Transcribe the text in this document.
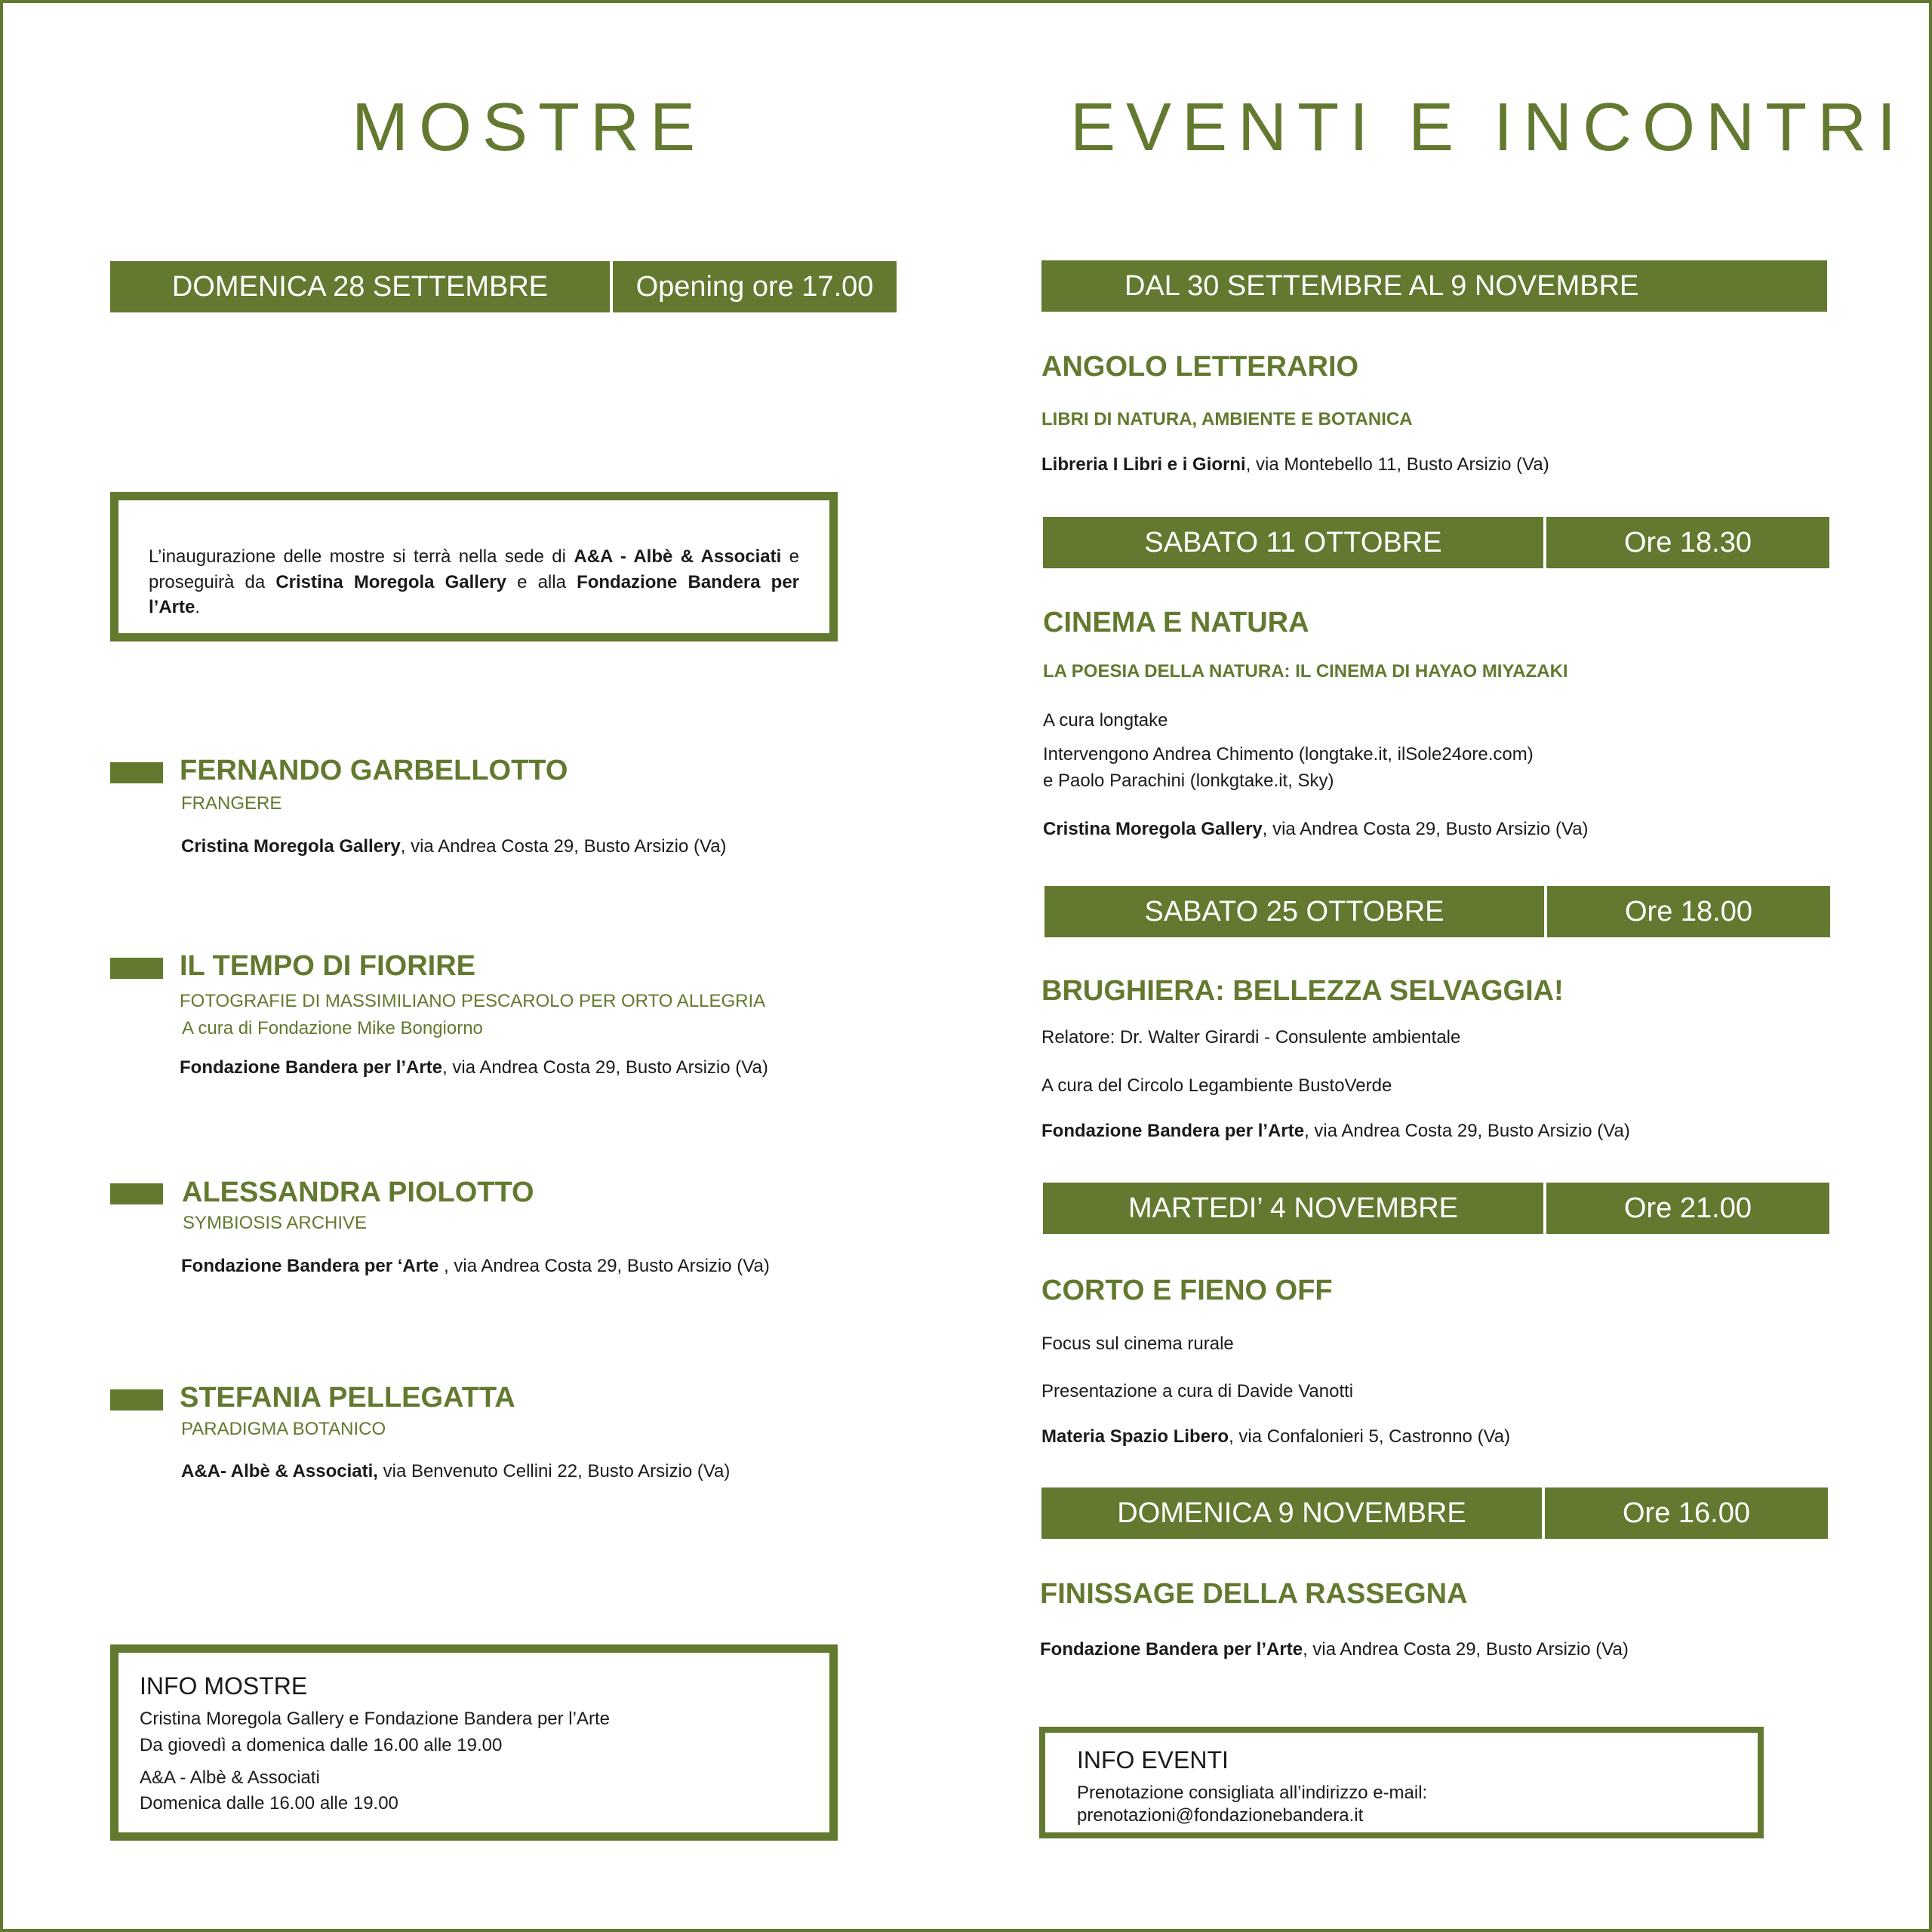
MOSTRE
DOMENICA 28 SETTEMBRE	Opening ore 17.00
L’inaugurazione delle mostre si terrà nella sede di A&A - Albè & Associati e proseguirà da Cristina Moregola Gallery e alla Fondazione Bandera per l’Arte.
FERNANDO GARBELLOTTO
FRANGERE
Cristina Moregola Gallery, via Andrea Costa 29, Busto Arsizio (Va)
IL TEMPO DI FIORIRE
FOTOGRAFIE DI MASSIMILIANO PESCAROLO PER ORTO ALLEGRIA
A cura di Fondazione Mike Bongiorno
Fondazione Bandera per l’Arte, via Andrea Costa 29, Busto Arsizio (Va)
ALESSANDRA PIOLOTTO
SYMBIOSIS ARCHIVE
Fondazione Bandera per ‘Arte , via Andrea Costa 29, Busto Arsizio (Va)
STEFANIA PELLEGATTA
PARADIGMA BOTANICO
A&A- Albè & Associati, via Benvenuto Cellini 22, Busto Arsizio (Va)
INFO MOSTRE
Cristina Moregola Gallery e Fondazione Bandera per l’Arte
Da giovedì a domenica dalle 16.00 alle 19.00
A&A - Albè & Associati
Domenica dalle 16.00 alle 19.00
EVENTI E INCONTRI
DAL 30 SETTEMBRE AL 9 NOVEMBRE
ANGOLO LETTERARIO
LIBRI DI NATURA, AMBIENTE E BOTANICA
Libreria I Libri e i Giorni, via Montebello 11, Busto Arsizio (Va)
SABATO 11 OTTOBRE	Ore 18.30
CINEMA E NATURA
LA POESIA DELLA NATURA: IL CINEMA DI HAYAO MIYAZAKI
A cura longtake
Intervengono Andrea Chimento (longtake.it, ilSole24ore.com)
e Paolo Parachini (lonkgtake.it, Sky)
Cristina Moregola Gallery, via Andrea Costa 29, Busto Arsizio (Va)
SABATO 25 OTTOBRE	Ore 18.00
BRUGHIERA: BELLEZZA SELVAGGIA!
Relatore: Dr. Walter Girardi - Consulente ambientale
A cura del Circolo Legambiente BustoVerde
Fondazione Bandera per l’Arte, via Andrea Costa 29, Busto Arsizio (Va)
MARTEDI’ 4 NOVEMBRE	Ore 21.00
CORTO E FIENO OFF
Focus sul cinema rurale
Presentazione a cura di Davide Vanotti
Materia Spazio Libero, via Confalonieri 5, Castronno (Va)
DOMENICA 9 NOVEMBRE	Ore 16.00
FINISSAGE DELLA RASSEGNA
Fondazione Bandera per l’Arte, via Andrea Costa 29, Busto Arsizio (Va)
INFO EVENTI
Prenotazione consigliata all’indirizzo e-mail:
prenotazioni@fondazionebandera.it
